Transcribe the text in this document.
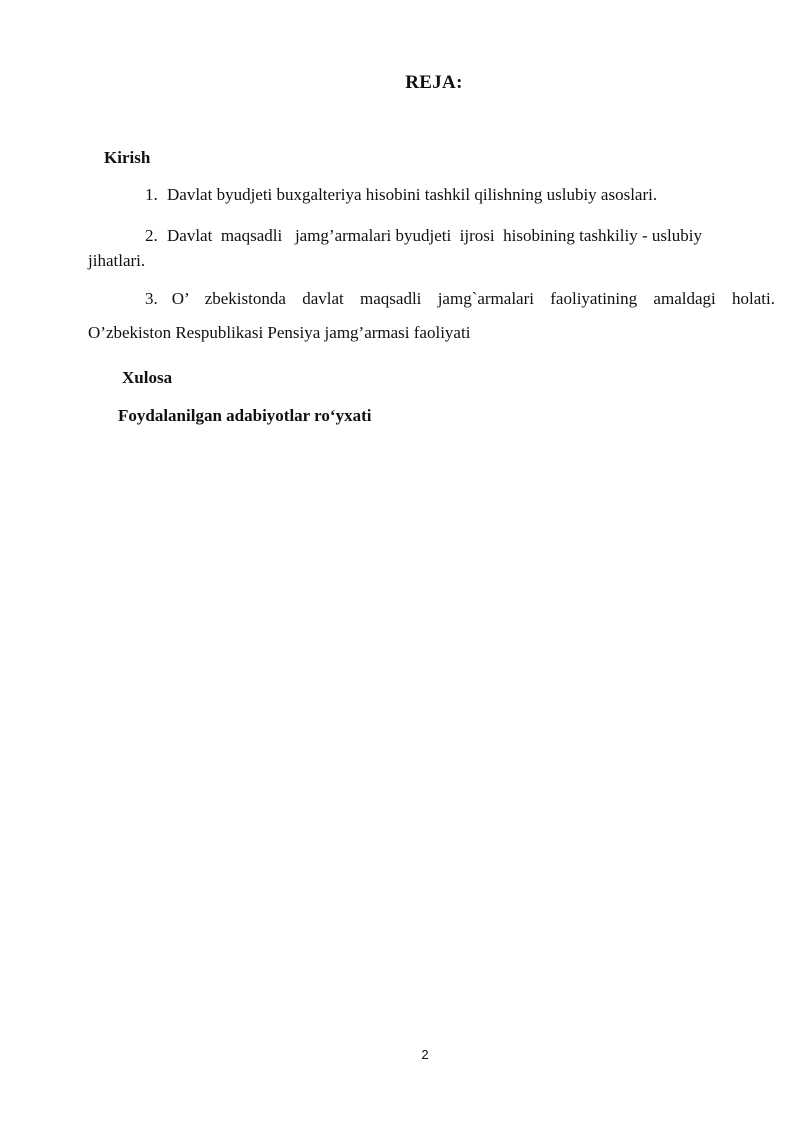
REJA:
Kirish
1. Davlat byudjeti buxgalteriya hisobini tashkil qilishning uslubiy asoslari.
2. Davlat  maqsadli   jamg’armalari byudjeti  ijrosi  hisobining tashkiliy - uslubiy
jihatlari.
3. O’  zbekistonda  davlat  maqsadli  jamg`armalari  faoliyatining  amaldagi  holati.
O’zbekiston Respublikasi Pensiya jamg’armasi faoliyati
Xulosa
Foydalanilgan adabiyotlar ro‘yxati
2
